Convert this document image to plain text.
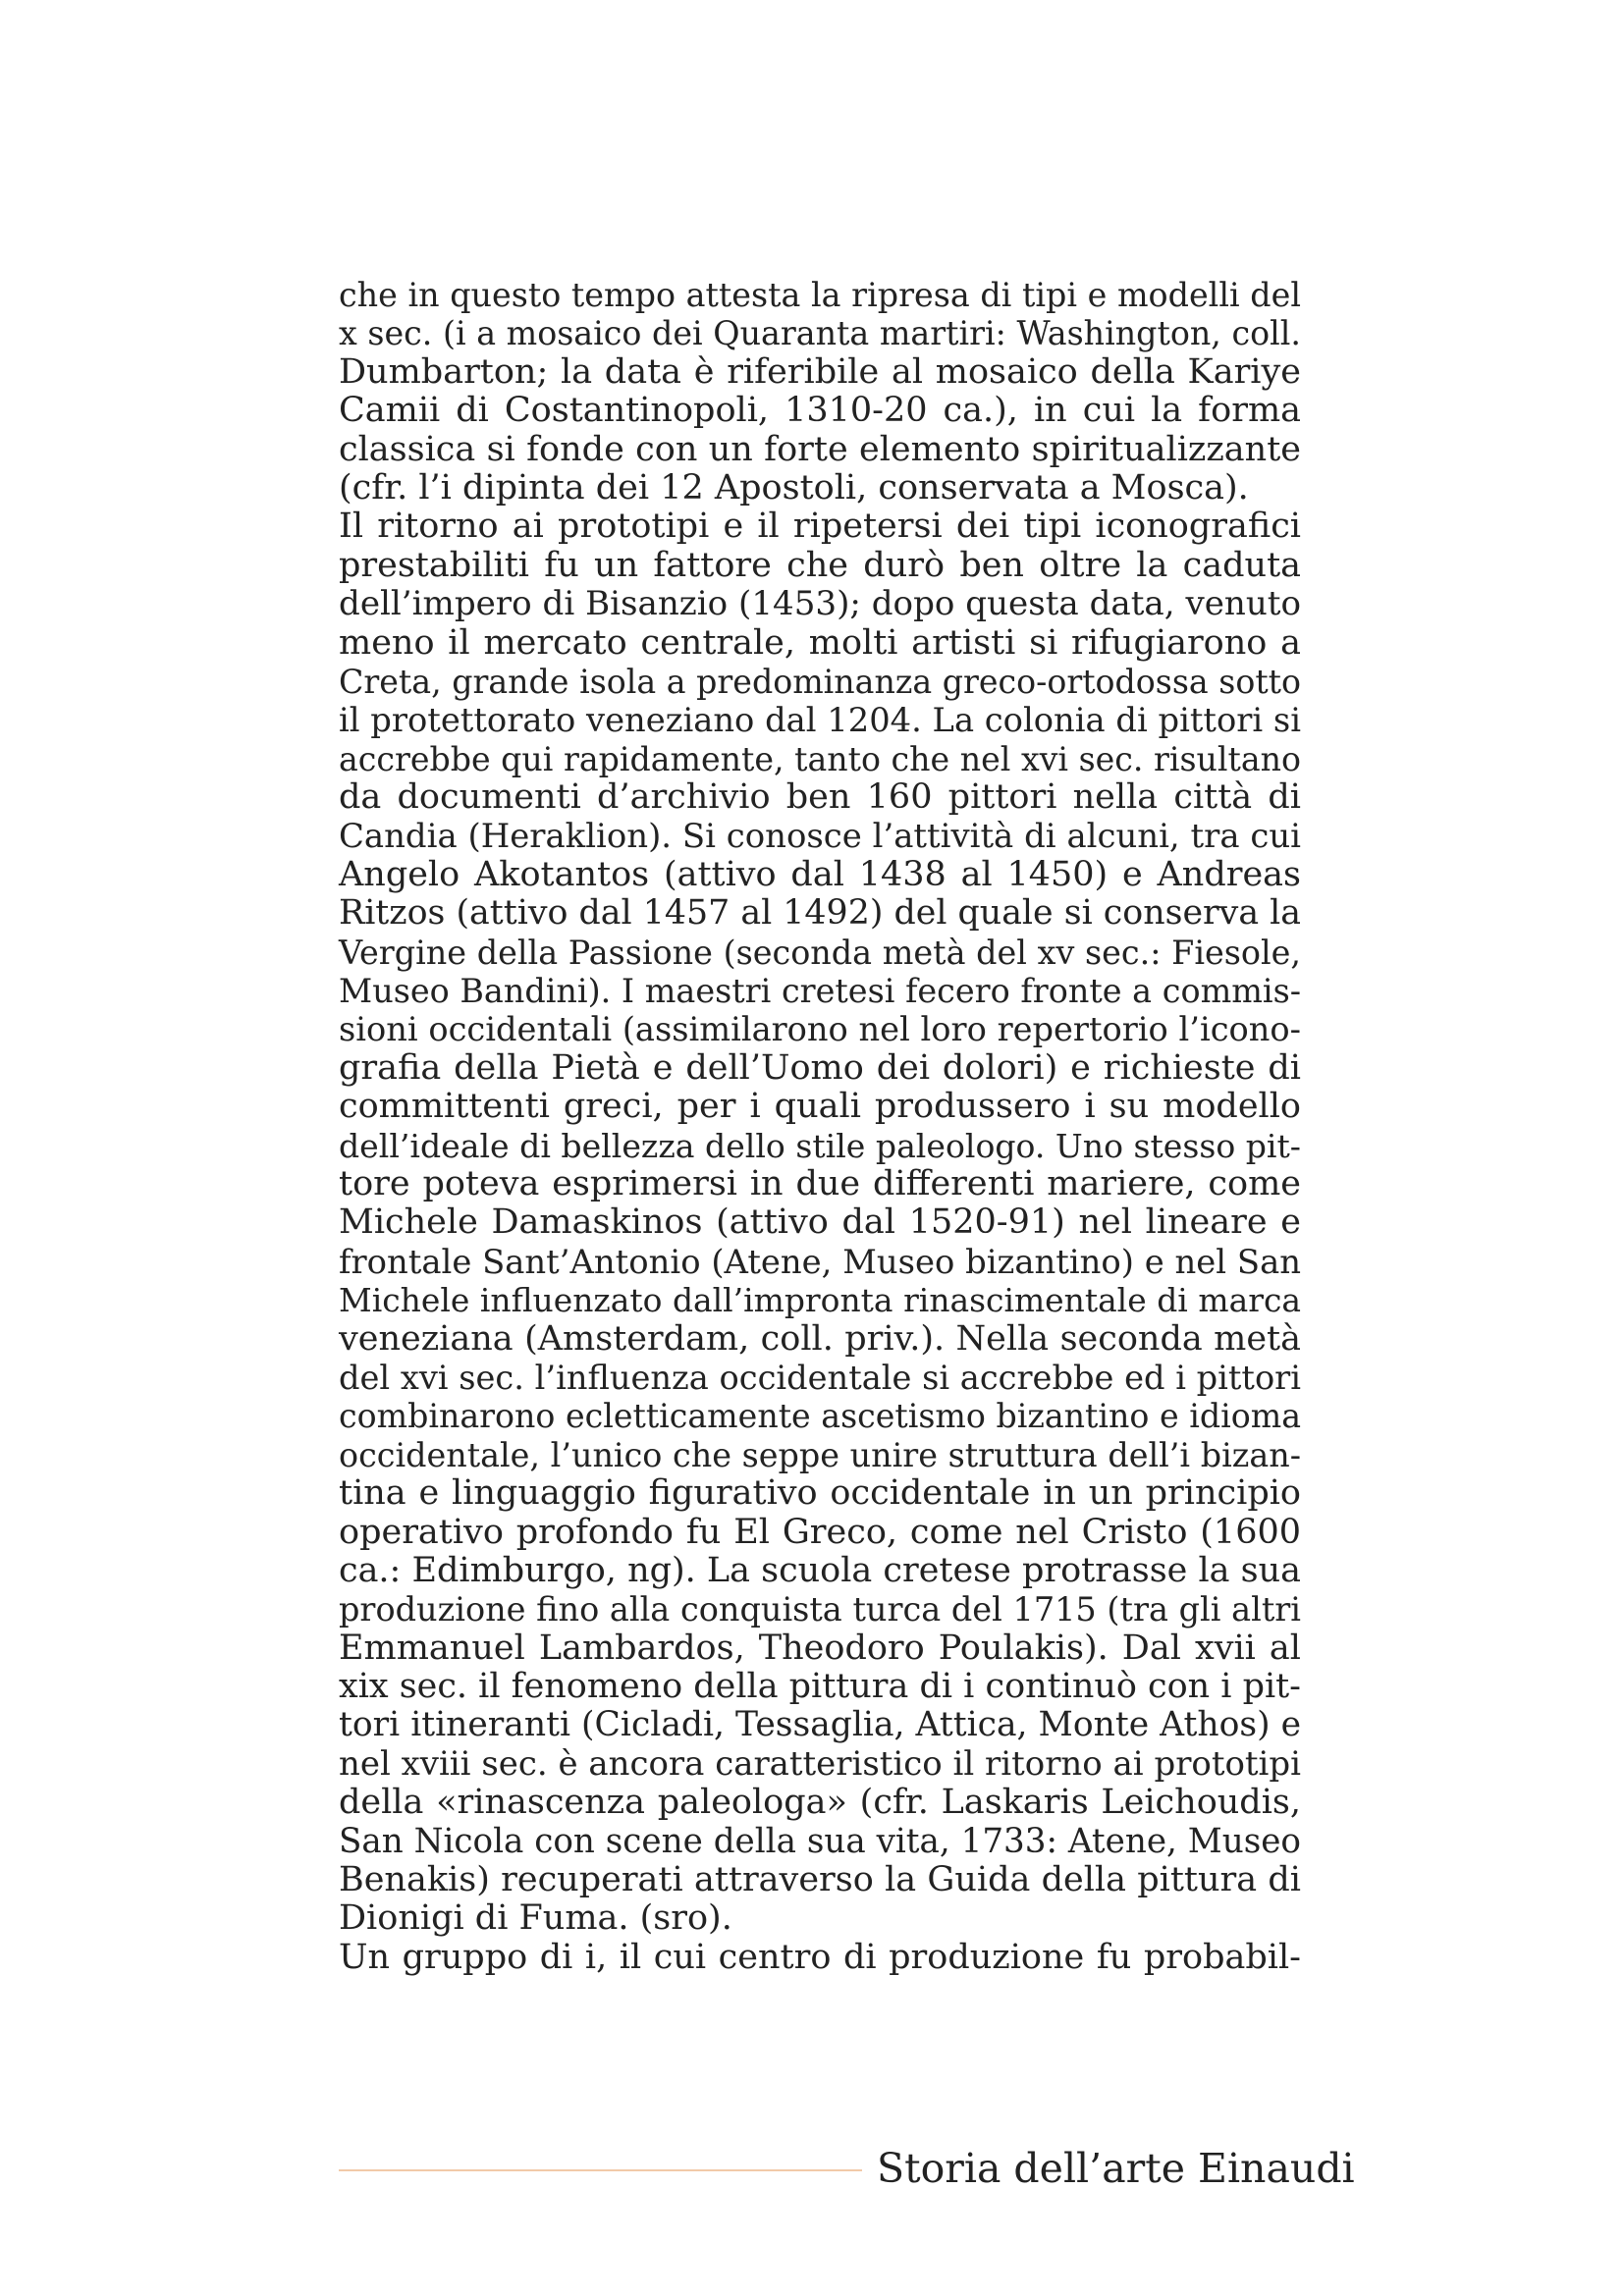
che in questo tempo attesta la ripresa di tipi e modelli del
x sec. (i a mosaico dei Quaranta martiri: Washington, coll.
Dumbarton; la data è riferibile al mosaico della Kariye
Camii di Costantinopoli, 1310-20 ca.), in cui la forma
classica si fonde con un forte elemento spiritualizzante
(cfr. l’i dipinta dei 12 Apostoli, conservata a Mosca).
Il ritorno ai prototipi e il ripetersi dei tipi iconografici
prestabiliti fu un fattore che durò ben oltre la caduta
dell’impero di Bisanzio (1453); dopo questa data, venuto
meno il mercato centrale, molti artisti si rifugiarono a
Creta, grande isola a predominanza greco-ortodossa sotto
il protettorato veneziano dal 1204. La colonia di pittori si
accrebbe qui rapidamente, tanto che nel xvi sec. risultano
da documenti d’archivio ben 160 pittori nella città di
Candia (Heraklion). Si conosce l’attività di alcuni, tra cui
Angelo Akotantos (attivo dal 1438 al 1450) e Andreas
Ritzos (attivo dal 1457 al 1492) del quale si conserva la
Vergine della Passione (seconda metà del xv sec.: Fiesole,
Museo Bandini). I maestri cretesi fecero fronte a commis-
sioni occidentali (assimilarono nel loro repertorio l’icono-
grafia della Pietà e dell’Uomo dei dolori) e richieste di
committenti greci, per i quali produssero i su modello
dell’ideale di bellezza dello stile paleologo. Uno stesso pit-
tore poteva esprimersi in due differenti mariere, come
Michele Damaskinos (attivo dal 1520-91) nel lineare e
frontale Sant’Antonio (Atene, Museo bizantino) e nel San
Michele influenzato dall’impronta rinascimentale di marca
veneziana (Amsterdam, coll. priv.). Nella seconda metà
del xvi sec. l’influenza occidentale si accrebbe ed i pittori
combinarono ecletticamente ascetismo bizantino e idioma
occidentale, l’unico che seppe unire struttura dell’i bizan-
tina e linguaggio figurativo occidentale in un principio
operativo profondo fu El Greco, come nel Cristo (1600
ca.: Edimburgo, ng). La scuola cretese protrasse la sua
produzione fino alla conquista turca del 1715 (tra gli altri
Emmanuel Lambardos, Theodoro Poulakis). Dal xvii al
xix sec. il fenomeno della pittura di i continuò con i pit-
tori itineranti (Cicladi, Tessaglia, Attica, Monte Athos) e
nel xviii sec. è ancora caratteristico il ritorno ai prototipi
della «rinascenza paleologa» (cfr. Laskaris Leichoudis,
San Nicola con scene della sua vita, 1733: Atene, Museo
Benakis) recuperati attraverso la Guida della pittura di
Dionigi di Fuma. (sro).
Un gruppo di i, il cui centro di produzione fu probabil-
Storia dell’arte Einaudi
